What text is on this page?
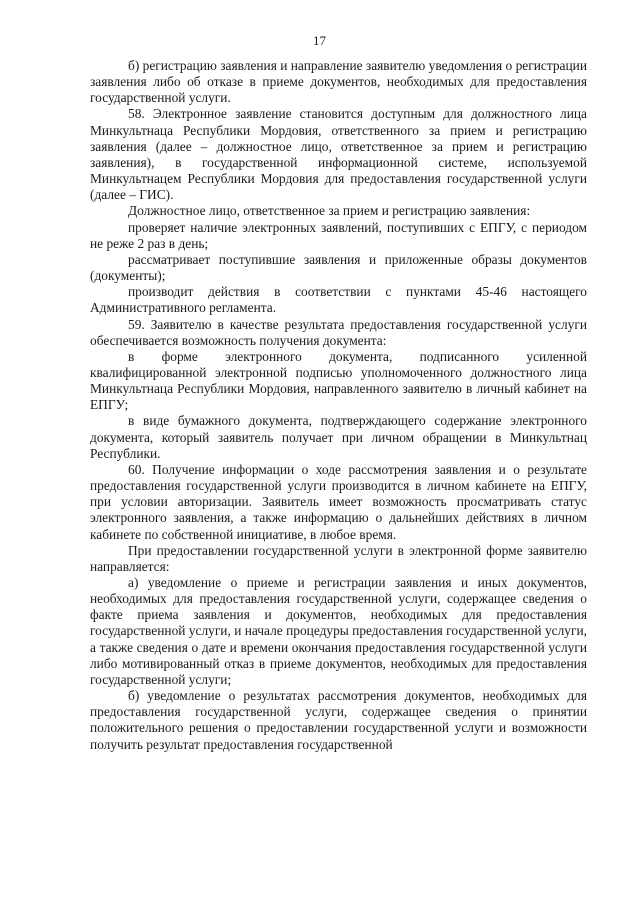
17

б) регистрацию заявления и направление заявителю уведомления о регистрации заявления либо об отказе в приеме документов, необходимых для предоставления государственной услуги.

58. Электронное заявление становится доступным для должностного лица Минкультнаца Республики Мордовия, ответственного за прием и регистрацию заявления (далее – должностное лицо, ответственное за прием и регистрацию заявления), в государственной информационной системе, используемой Минкультнацем Республики Мордовия для предоставления государственной услуги (далее – ГИС).

Должностное лицо, ответственное за прием и регистрацию заявления:

проверяет наличие электронных заявлений, поступивших с ЕПГУ, с периодом не реже 2 раз в день;

рассматривает поступившие заявления и приложенные образы документов (документы);

производит действия в соответствии с пунктами 45-46 настоящего Административного регламента.

59. Заявителю в качестве результата предоставления государственной услуги обеспечивается возможность получения документа:

в форме электронного документа, подписанного усиленной квалифицированной электронной подписью уполномоченного должностного лица Минкультнаца Республики Мордовия, направленного заявителю в личный кабинет на ЕПГУ;

в виде бумажного документа, подтверждающего содержание электронного документа, который заявитель получает при личном обращении в Минкультнац Республики.

60. Получение информации о ходе рассмотрения заявления и о результате предоставления государственной услуги производится в личном кабинете на ЕПГУ, при условии авторизации. Заявитель имеет возможность просматривать статус электронного заявления, а также информацию о дальнейших действиях в личном кабинете по собственной инициативе, в любое время.

При предоставлении государственной услуги в электронной форме заявителю направляется:

а) уведомление о приеме и регистрации заявления и иных документов, необходимых для предоставления государственной услуги, содержащее сведения о факте приема заявления и документов, необходимых для предоставления государственной услуги, и начале процедуры предоставления государственной услуги, а также сведения о дате и времени окончания предоставления государственной услуги либо мотивированный отказ в приеме документов, необходимых для предоставления государственной услуги;

б) уведомление о результатах рассмотрения документов, необходимых для предоставления государственной услуги, содержащее сведения о принятии положительного решения о предоставлении государственной услуги и возможности получить результат предоставления государственной
